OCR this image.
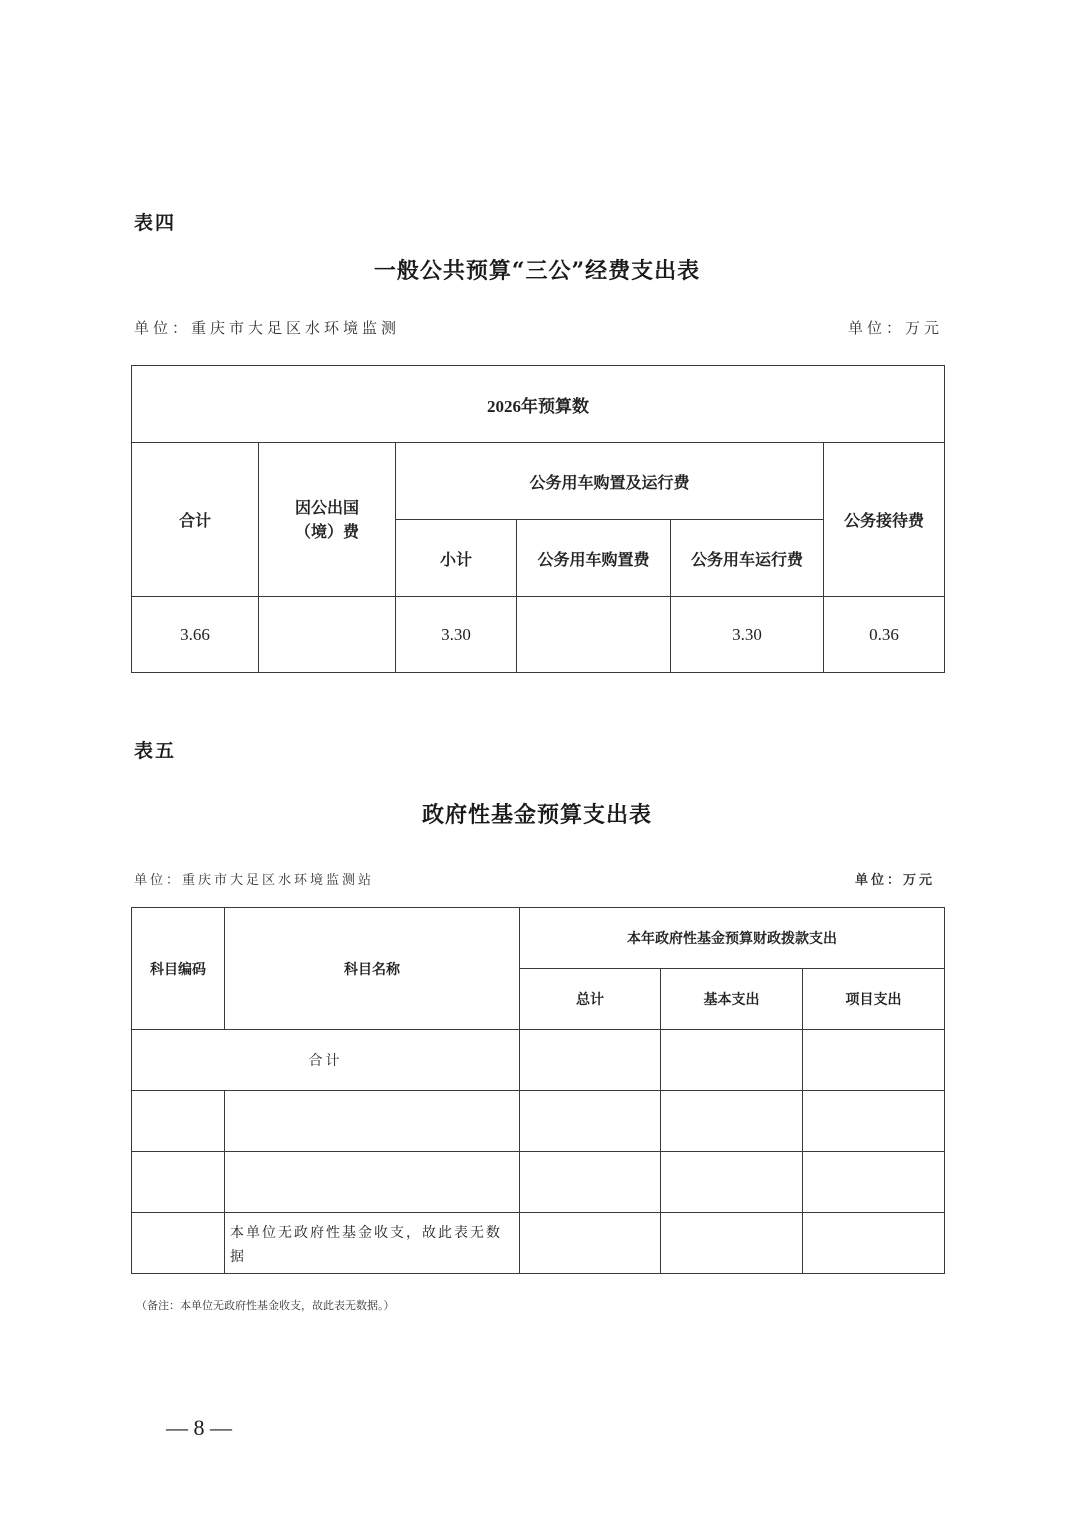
表四
一般公共预算“三公”经费支出表
单位：重庆市大足区水环境监测	单位：万元
2026年预算数					
合计	因公出国（境）费	公务用车购置及运行费			公务接待费
		小计	公务用车购置费	公务用车运行费	
3.66		3.30		3.30	0.36
表五
政府性基金预算支出表
单位：重庆市大足区水环境监测站	单位：万元
科目编码	科目名称	本年政府性基金预算财政拨款支出		
		总计	基本支出	项目支出
合计				

	本单位无政府性基金收支，故此表无数据			
（备注：本单位无政府性基金收支，故此表无数据。）
— 8 —
